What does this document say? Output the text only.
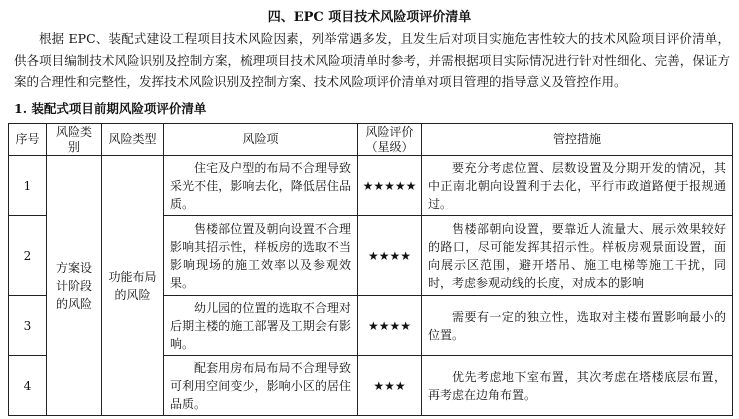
四、EPC 项目技术风险项评价清单

根据 EPC、装配式建设工程项目技术风险因素，列举常遇多发，且发生后对项目实施危害性较大的技术风险项目评价清单，供各项目编制技术风险识别及控制方案，梳理项目技术风险项清单时参考，并需根据项目实际情况进行针对性细化、完善，保证方案的合理性和完整性，发挥技术风险识别及控制方案、技术风险项评价清单对项目管理的指导意义及管控作用。

1. 装配式项目前期风险项评价清单
序号	风险类别	风险类型	风险项	风险评价（星级）	管控措施
1	方案设计阶段的风险	功能布局的风险	住宅及户型的布局不合理导致采光不佳，影响去化，降低居住品质。	★★★★★	要充分考虑位置、层数设置及分期开发的情况，其中正南北朝向设置利于去化，平行市政道路便于报规通过。
2			售楼部位置及朝向设置不合理影响其招示性，样板房的选取不当影响现场的施工效率以及参观效果。	★★★★	售楼部朝向设置，要靠近人流量大、展示效果较好的路口，尽可能发挥其招示性。样板房观景面设置，面向展示区范围，避开塔吊、施工电梯等施工干扰，同时，考虑参观动线的长度，对成本的影响
3			幼儿园的位置的选取不合理对后期主楼的施工部署及工期会有影响。	★★★★	需要有一定的独立性，选取对主楼布置影响最小的位置。
4			配套用房布局布局不合理导致可利用空间变少，影响小区的居住品质。	★★★	优先考虑地下室布置，其次考虑在塔楼底层布置，再考虑在边角布置。
